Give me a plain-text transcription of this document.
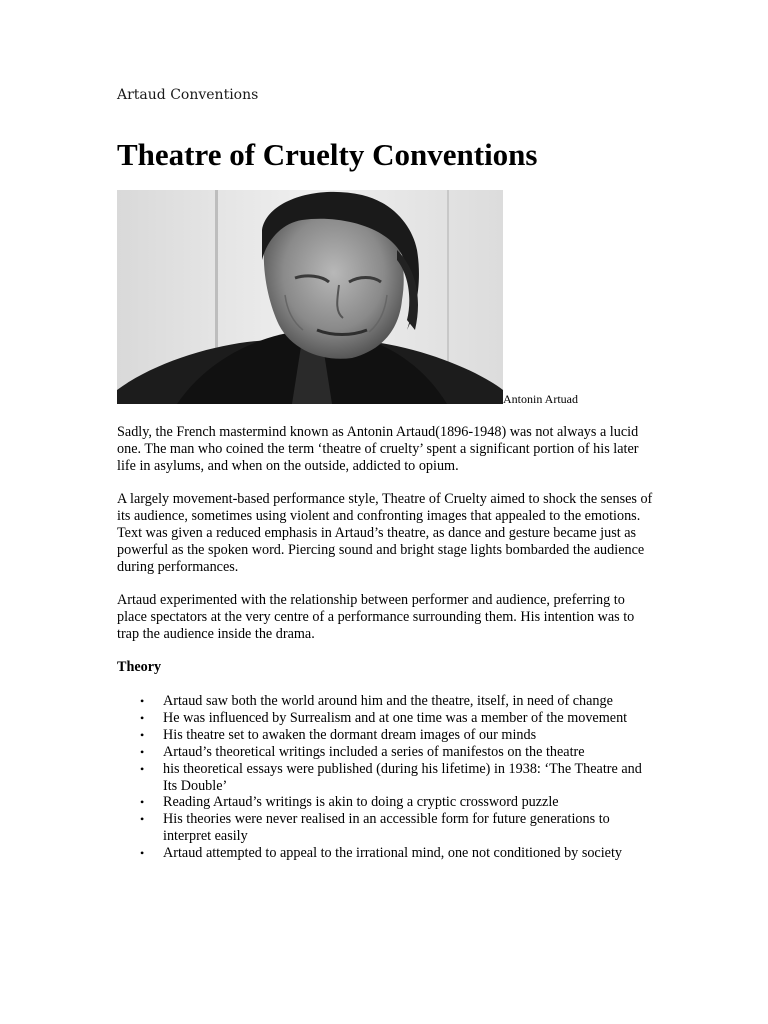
Artaud Conventions
Theatre of Cruelty Conventions
Antonin Artuad

Sadly, the French mastermind known as Antonin Artaud(1896-1948) was not always a lucid one. The man who coined the term ‘theatre of cruelty’ spent a significant portion of his later life in asylums, and when on the outside, addicted to opium.

A largely movement-based performance style, Theatre of Cruelty aimed to shock the senses of its audience, sometimes using violent and confronting images that appealed to the emotions. Text was given a reduced emphasis in Artaud’s theatre, as dance and gesture became just as powerful as the spoken word. Piercing sound and bright stage lights bombarded the audience during performances.

Artaud experimented with the relationship between performer and audience, preferring to place spectators at the very centre of a performance surrounding them. His intention was to trap the audience inside the drama.

Theory
• Artaud saw both the world around him and the theatre, itself, in need of change
• He was influenced by Surrealism and at one time was a member of the movement
• His theatre set to awaken the dormant dream images of our minds
• Artaud’s theoretical writings included a series of manifestos on the theatre
• his theoretical essays were published (during his lifetime) in 1938: ‘The Theatre and Its Double’
• Reading Artaud’s writings is akin to doing a cryptic crossword puzzle
• His theories were never realised in an accessible form for future generations to interpret easily
• Artaud attempted to appeal to the irrational mind, one not conditioned by society
